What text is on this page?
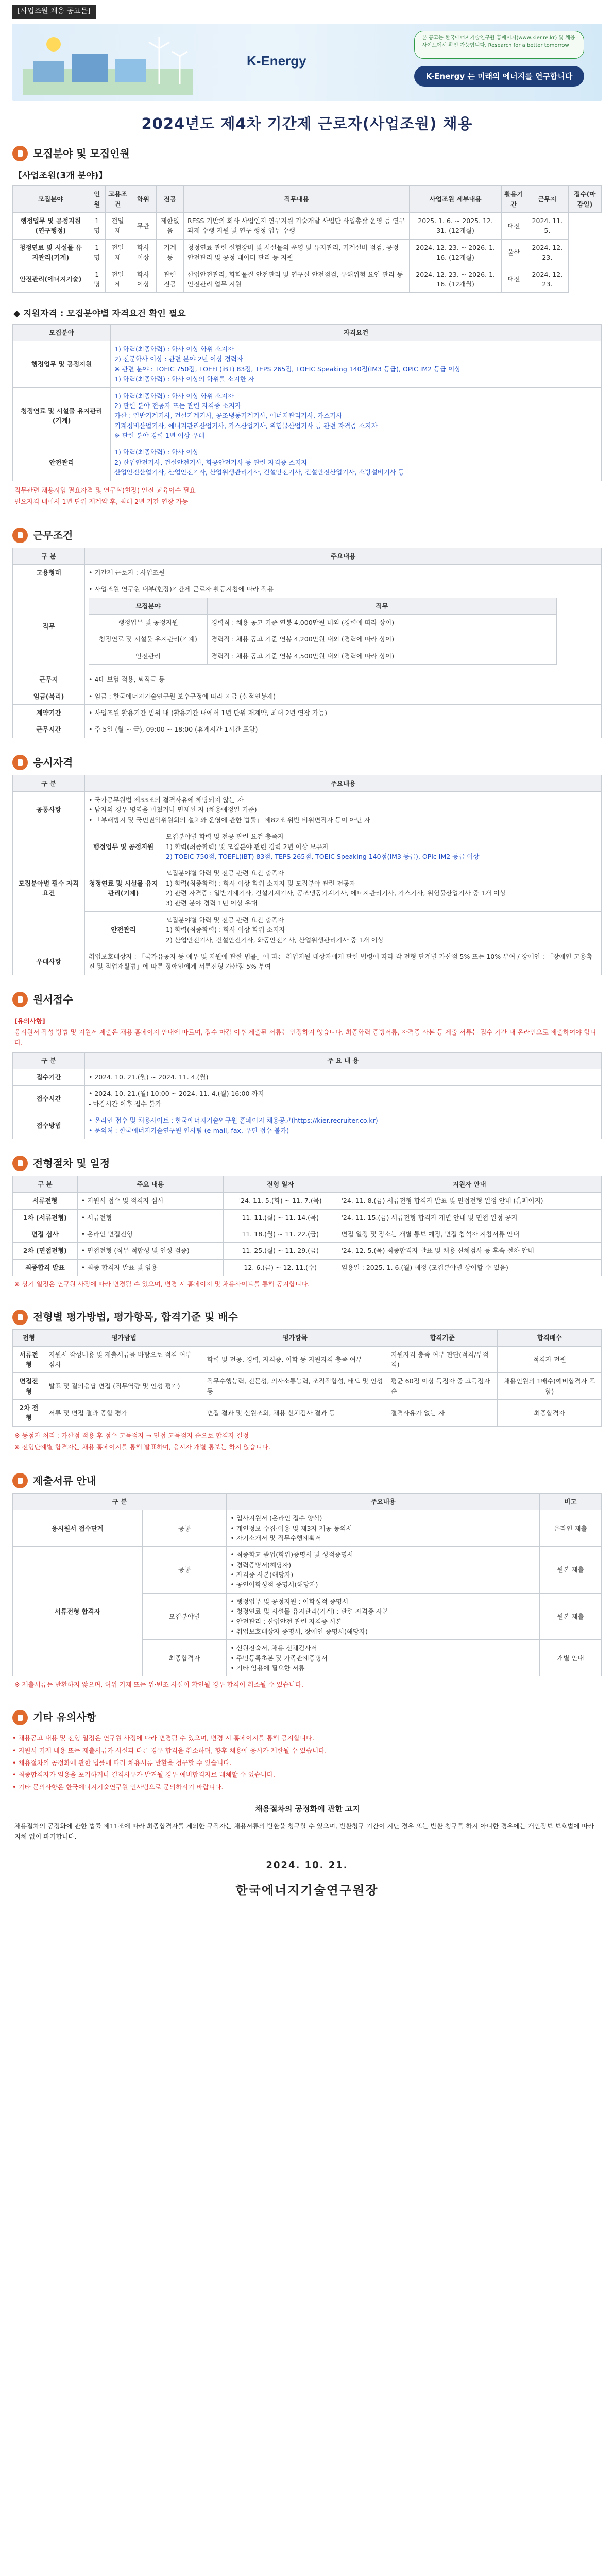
[사업조원 채용 공고문]
K-Energy
본 공고는 한국에너지기술연구원 홈페이지(www.kier.re.kr) 및 채용사이트에서 확인 가능합니다. Research for a better tomorrow
K-Energy 는 미래의 에너지를 연구합니다
2024년도 제4차 기간제 근로자(사업조원) 채용
모집분야 및 모집인원
【사업조원(3개 분야)】
모집분야	인원	고용조건	학위	전공	직무내용	사업조원 세부내용	활용기간	근무지	접수(마감일)
행정업무 및 공정지원(연구행정)	1명	전일제	무관	제한없음	RESS 기반의 회사 사업인지 연구지원 기술개발 사업단 사업총괄 운영 등 연구과제 수행 지원 및 연구 행정 업무 수행	2025. 1. 6. ~ 2025. 12. 31. (12개월)	대전	2024. 11. 5.	
청정연료 및 시설물 유지관리(기계)	1명	전일제	학사이상	기계 등	청정연료 관련 실험장비 및 시설물의 운영 및 유지관리, 기계설비 점검, 공정 안전관리 및 공정 데이터 관리 등 지원	2024. 12. 23. ~ 2026. 1. 16. (12개월)	울산	2024. 12. 23.	
안전관리(에너지기술)	1명	전일제	학사이상	관련 전공	산업안전관리, 화학물질 안전관리 및 연구실 안전점검, 유해위험 요인 관리 등 안전관리 업무 지원	2024. 12. 23. ~ 2026. 1. 16. (12개월)	대전	2024. 12. 23.	
◆ 지원자격 : 모집분야별 자격요건 확인 필요
모집분야	자격요건
행정업무 및 공정지원	1) 학력(최종학력) : 학사 이상 학위 소지자
2) 전문학사 이상 : 관련 분야 2년 이상 경력자
※ 관련 분야 : TOEIC 750점, TOEFL(iBT) 83점, TEPS 265점, TOEIC Speaking 140점(IM3 등급), OPIC IM2 등급 이상
1) 학력(최종학력) : 학사 이상의 학위를 소지한 자

청정연료 및 시설물 유지관리(기계)	1) 학력(최종학력) : 학사 이상 학위 소지자
2) 관련 분야 전공자 또는 관련 자격증 소지자
가산 : 일반기계기사, 건설기계기사, 공조냉동기계기사, 에너지관리기사, 가스기사
기계정비산업기사, 에너지관리산업기사, 가스산업기사, 위험물산업기사 등 관련 자격증 소지자
※ 관련 분야 경력 1년 이상 우대

안전관리	1) 학력(최종학력) : 학사 이상
2) 산업안전기사, 건설안전기사, 화공안전기사 등 관련 자격증 소지자
산업안전산업기사, 산업안전기사, 산업위생관리기사, 건설안전기사, 건설안전산업기사, 소방설비기사 등

직무관련 채용시험 필요자격 및 연구실(현장) 안전 교육이수 필요

필요자격 내에서 1년 단위 재계약 후, 최대 2년 기간 연장 가능

근무조건
구 분	주요내용
고용형태	• 기간제 근로자 : 사업조원
직무	
• 사업조원 연구원 내부(현장)기간제 근로자 활동지침에 따라 적용
모집분야	직무
행정업무 및 공정지원	경력직 : 채용 공고 기준 연봉 4,000만원 내외 (경력에 따라 상이)
청정연료 및 시설물 유지관리(기계)	경력직 : 채용 공고 기준 연봉 4,200만원 내외 (경력에 따라 상이)
안전관리	경력직 : 채용 공고 기준 연봉 4,500만원 내외 (경력에 따라 상이)

근무지	• 4대 보험 적용, 퇴직금 등
임금(복리)	• 임금 : 한국에너지기술연구원 보수규정에 따라 지급 (실적연봉제)
계약기간	• 사업조원 활용기간 범위 내 (활용기간 내에서 1년 단위 재계약, 최대 2년 연장 가능)
근무시간	• 주 5일 (월 ~ 금), 09:00 ~ 18:00 (휴게시간 1시간 포함)
응시자격
구 분	주요내용	
공통사항	• 국가공무원법 제33조의 결격사유에 해당되지 않는 자
• 남자의 경우 병역을 마쳤거나 면제된 자 (채용예정일 기준)
• 「부패방지 및 국민권익위원회의 설치와 운영에 관한 법률」 제82조 위반 비위면직자 등이 아닌 자	

모집분야별 필수 자격요건	행정업무 및 공정지원	모집분야별 학력 및 전공 관련 요건 충족자
1) 학력(최종학력) 및 모집분야 관련 경력 2년 이상 보유자
2) TOEIC 750점, TOEFL(iBT) 83점, TEPS 265점, TOEIC Speaking 140점(IM3 등급), OPIc IM2 등급 이상

	청정연료 및 시설물 유지관리(기계)	모집분야별 학력 및 전공 관련 요건 충족자
1) 학력(최종학력) : 학사 이상 학위 소지자 및 모집분야 관련 전공자
2) 관련 자격증 : 일반기계기사, 건설기계기사, 공조냉동기계기사, 에너지관리기사, 가스기사, 위험물산업기사 중 1개 이상
3) 관련 분야 경력 1년 이상 우대

	안전관리	모집분야별 학력 및 전공 관련 요건 충족자
1) 학력(최종학력) : 학사 이상 학위 소지자
2) 산업안전기사, 건설안전기사, 화공안전기사, 산업위생관리기사 중 1개 이상

우대사항	취업보호대상자 : 「국가유공자 등 예우 및 지원에 관한 법률」에 따른 취업지원 대상자에게 관련 법령에 따라 각 전형 단계별 가산점 5% 또는 10% 부여 / 장애인 : 「장애인 고용촉진 및 직업재활법」에 따른 장애인에게 서류전형 가산점 5% 부여	
원서접수

[유의사항]

응시원서 작성 방법 및 지원서 제출은 채용 홈페이지 안내에 따르며, 접수 마감 이후 제출된 서류는 인정하지 않습니다. 최종학력 증빙서류, 자격증 사본 등 제출 서류는 접수 기간 내 온라인으로 제출하여야 합니다.

구 분	주 요 내 용
접수기간	• 2024. 10. 21.(월) ~ 2024. 11. 4.(월)
접수시간	• 2024. 10. 21.(월) 10:00 ~ 2024. 11. 4.(월) 16:00 까지
- 마감시간 이후 접수 불가

접수방법	• 온라인 접수 및 채용사이트 : 한국에너지기술연구원 홈페이지 채용공고(https://kier.recruiter.co.kr)
• 문의처 : 한국에너지기술연구원 인사팀 (e-mail, fax, 우편 접수 불가)
전형절차 및 일정
구 분	주요 내용	전형 일자	지원자 안내
서류전형	• 지원서 접수 및 적격자 심사	'24. 11. 5.(화) ~ 11. 7.(목)	'24. 11. 8.(금) 서류전형 합격자 발표 및 면접전형 일정 안내 (홈페이지)
1차 (서류전형)	• 서류전형	11. 11.(월) ~ 11. 14.(목)	'24. 11. 15.(금) 서류전형 합격자 개별 안내 및 면접 일정 공지
면접 심사	• 온라인 면접전형	11. 18.(월) ~ 11. 22.(금)	면접 일정 및 장소는 개별 통보 예정, 면접 참석자 지참서류 안내
2차 (면접전형)	• 면접전형 (직무 적합성 및 인성 검증)	11. 25.(월) ~ 11. 29.(금)	'24. 12. 5.(목) 최종합격자 발표 및 채용 신체검사 등 후속 절차 안내
최종합격 발표	• 최종 합격자 발표 및 임용	12. 6.(금) ~ 12. 11.(수)	임용일 : 2025. 1. 6.(월) 예정 (모집분야별 상이할 수 있음)
※ 상기 일정은 연구원 사정에 따라 변경될 수 있으며, 변경 시 홈페이지 및 채용사이트를 통해 공지합니다.
전형별 평가방법, 평가항목, 합격기준 및 배수
전형	평가방법	평가항목	합격기준	합격배수
서류전형	지원서 작성내용 및 제출서류를 바탕으로 적격 여부 심사	학력 및 전공, 경력, 자격증, 어학 등 지원자격 충족 여부	지원자격 충족 여부 판단(적격/부적격)	적격자 전원
면접전형	발표 및 질의응답 면접 (직무역량 및 인성 평가)	직무수행능력, 전문성, 의사소통능력, 조직적합성, 태도 및 인성 등	평균 60점 이상 득점자 중 고득점자 순	채용인원의 1배수(예비합격자 포함)
2차 전형	서류 및 면접 결과 종합 평가	면접 결과 및 신원조회, 채용 신체검사 결과 등	결격사유가 없는 자	최종합격자

※ 동점자 처리 : 가산점 적용 후 점수 고득점자 → 면접 고득점자 순으로 합격자 결정

※ 전형단계별 합격자는 채용 홈페이지를 통해 발표하며, 응시자 개별 통보는 하지 않습니다.

제출서류 안내
구 분		주요내용	비고
응시원서 접수단계	공통	• 입사지원서 (온라인 접수 양식)
• 개인정보 수집·이용 및 제3자 제공 동의서
• 자기소개서 및 직무수행계획서	온라인 제출
서류전형 합격자	공통	• 최종학교 졸업(학위)증명서 및 성적증명서
• 경력증명서(해당자)
• 자격증 사본(해당자)
• 공인어학성적 증명서(해당자)	원본 제출
	모집분야별	• 행정업무 및 공정지원 : 어학성적 증명서
• 청정연료 및 시설물 유지관리(기계) : 관련 자격증 사본
• 안전관리 : 산업안전 관련 자격증 사본
• 취업보호대상자 증명서, 장애인 증명서(해당자)	원본 제출
	최종합격자	• 신원진술서, 채용 신체검사서
• 주민등록초본 및 가족관계증명서
• 기타 임용에 필요한 서류	개별 안내
※ 제출서류는 반환하지 않으며, 허위 기재 또는 위·변조 사실이 확인될 경우 합격이 취소될 수 있습니다.
기타 유의사항
• 채용공고 내용 및 전형 일정은 연구원 사정에 따라 변경될 수 있으며, 변경 시 홈페이지를 통해 공지합니다.
• 지원서 기재 내용 또는 제출서류가 사실과 다른 경우 합격을 취소하며, 향후 채용에 응시가 제한될 수 있습니다.
• 채용절차의 공정화에 관한 법률에 따라 채용서류 반환을 청구할 수 있습니다.
• 최종합격자가 임용을 포기하거나 결격사유가 발견될 경우 예비합격자로 대체할 수 있습니다.
• 기타 문의사항은 한국에너지기술연구원 인사팀으로 문의하시기 바랍니다.
채용절차의 공정화에 관한 고지
채용절차의 공정화에 관한 법률 제11조에 따라 최종합격자를 제외한 구직자는 채용서류의 반환을 청구할 수 있으며, 반환청구 기간이 지난 경우 또는 반환 청구를 하지 아니한 경우에는 개인정보 보호법에 따라 지체 없이 파기합니다.
2024. 10. 21.
한국에너지기술연구원장
